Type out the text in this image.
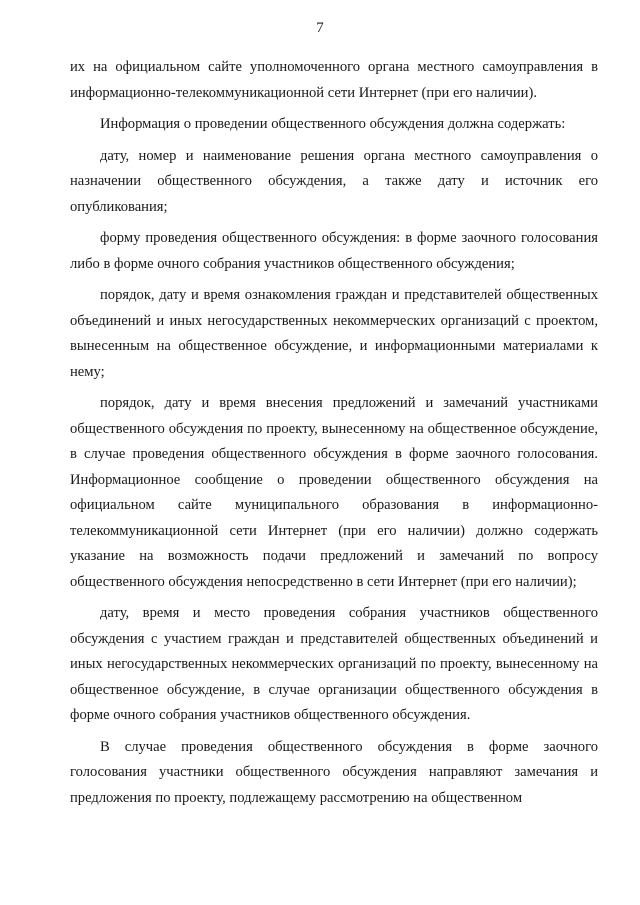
7

их на официальном сайте уполномоченного органа местного самоуправления в информационно-телекоммуникационной сети Интернет (при его наличии).

Информация о проведении общественного обсуждения должна содержать:

дату, номер и наименование решения органа местного самоуправления о назначении общественного обсуждения, а также дату и источник его опубликования;

форму проведения общественного обсуждения: в форме заочного голосования либо в форме очного собрания участников общественного обсуждения;

порядок, дату и время ознакомления граждан и представителей общественных объединений и иных негосударственных некоммерческих организаций с проектом, вынесенным на общественное обсуждение, и информационными материалами к нему;

порядок, дату и время внесения предложений и замечаний участниками общественного обсуждения по проекту, вынесенному на общественное обсуждение, в случае проведения общественного обсуждения в форме заочного голосования. Информационное сообщение о проведении общественного обсуждения на официальном сайте муниципального образования в информационно-телекоммуникационной сети Интернет (при его наличии) должно содержать указание на возможность подачи предложений и замечаний по вопросу общественного обсуждения непосредственно в сети Интернет (при его наличии);

дату, время и место проведения собрания участников общественного обсуждения с участием граждан и представителей общественных объединений и иных негосударственных некоммерческих организаций по проекту, вынесенному на общественное обсуждение, в случае организации общественного обсуждения в форме очного собрания участников общественного обсуждения.

В случае проведения общественного обсуждения в форме заочного голосования участники общественного обсуждения направляют замечания и предложения по проекту, подлежащему рассмотрению на общественном
